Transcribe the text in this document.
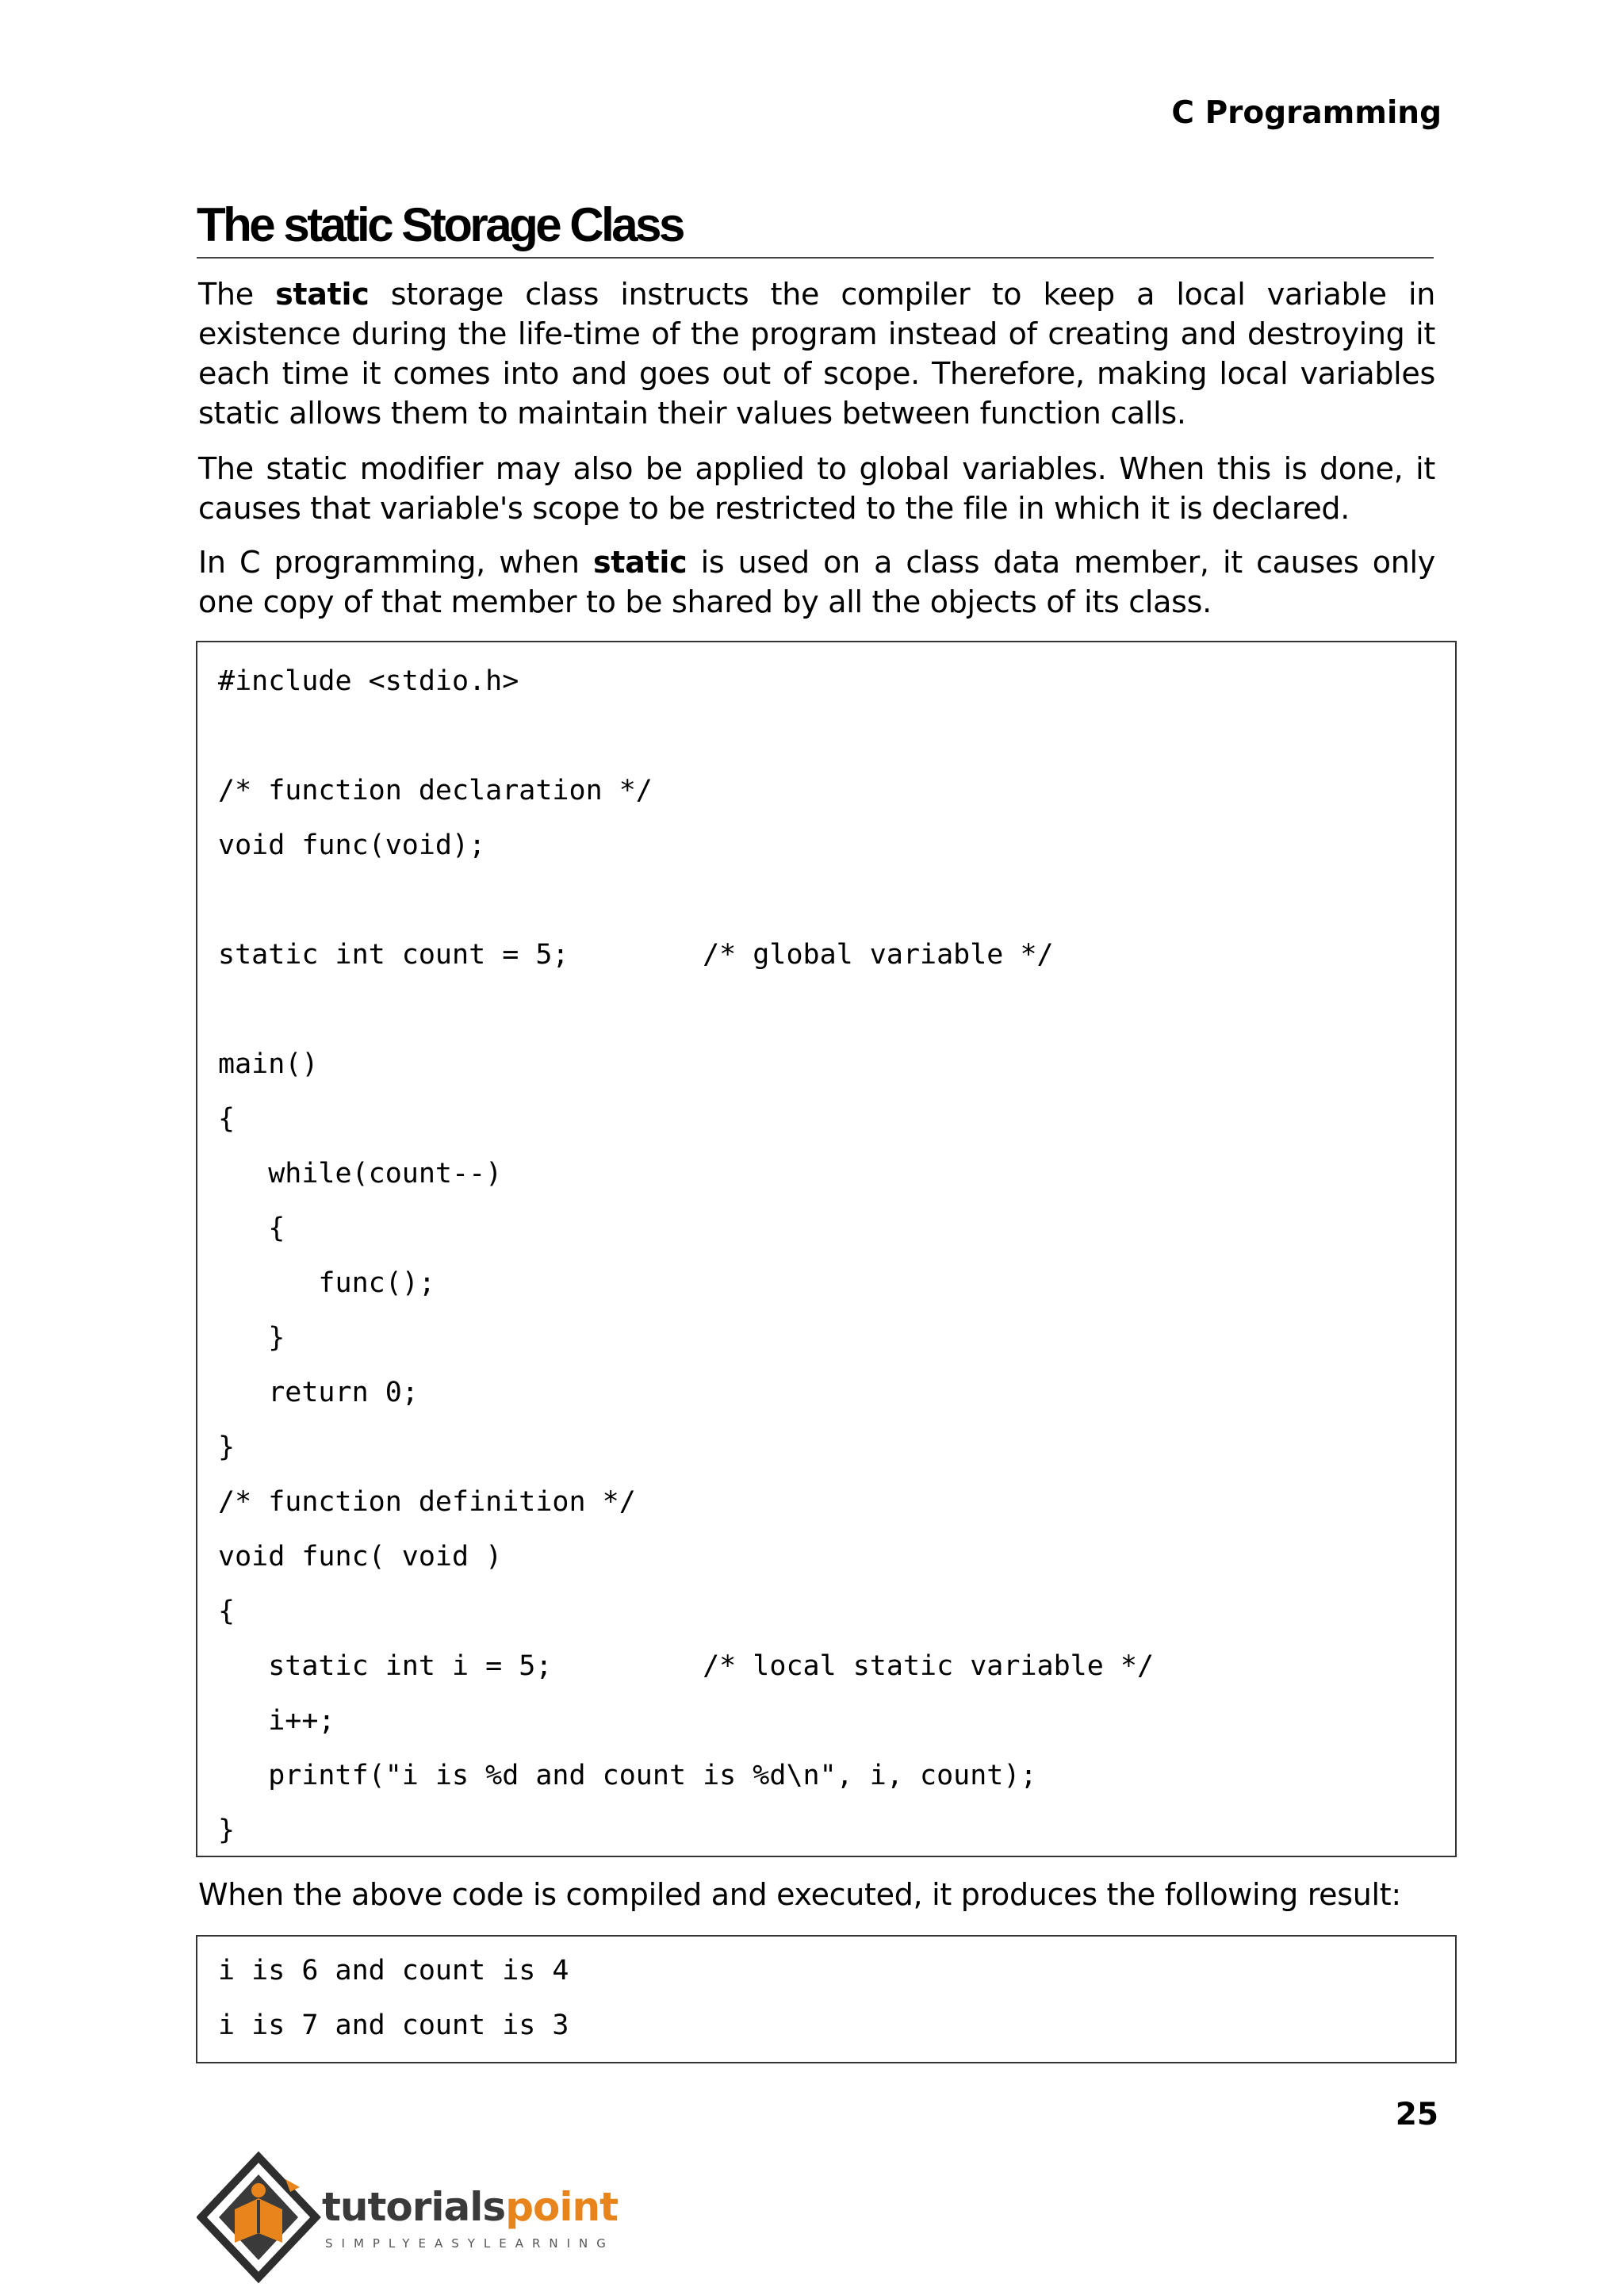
C Programming
The static Storage Class

The static storage class instructs the compiler to keep a local variable in existence during the life-time of the program instead of creating and destroying it each time it comes into and goes out of scope. Therefore, making local variables static allows them to maintain their values between function calls.

The static modifier may also be applied to global variables. When this is done, it causes that variable's scope to be restricted to the file in which it is declared.

In C programming, when static is used on a class data member, it causes only one copy of that member to be shared by all the objects of its class.

#include <stdio.h>
/* function declaration */
void func(void);
static int count = 5;        /* global variable */
main()
{
while(count--)
{
func();
}
return 0;
}
/* function definition */
void func( void )
{
static int i = 5;         /* local static variable */
i++;
printf("i is %d and count is %d\n", i, count);
}

When the above code is compiled and executed, it produces the following result:

i is 6 and count is 4
i is 7 and count is 3
25
tutorialspoint
SIMPLYEASYLEARNING
